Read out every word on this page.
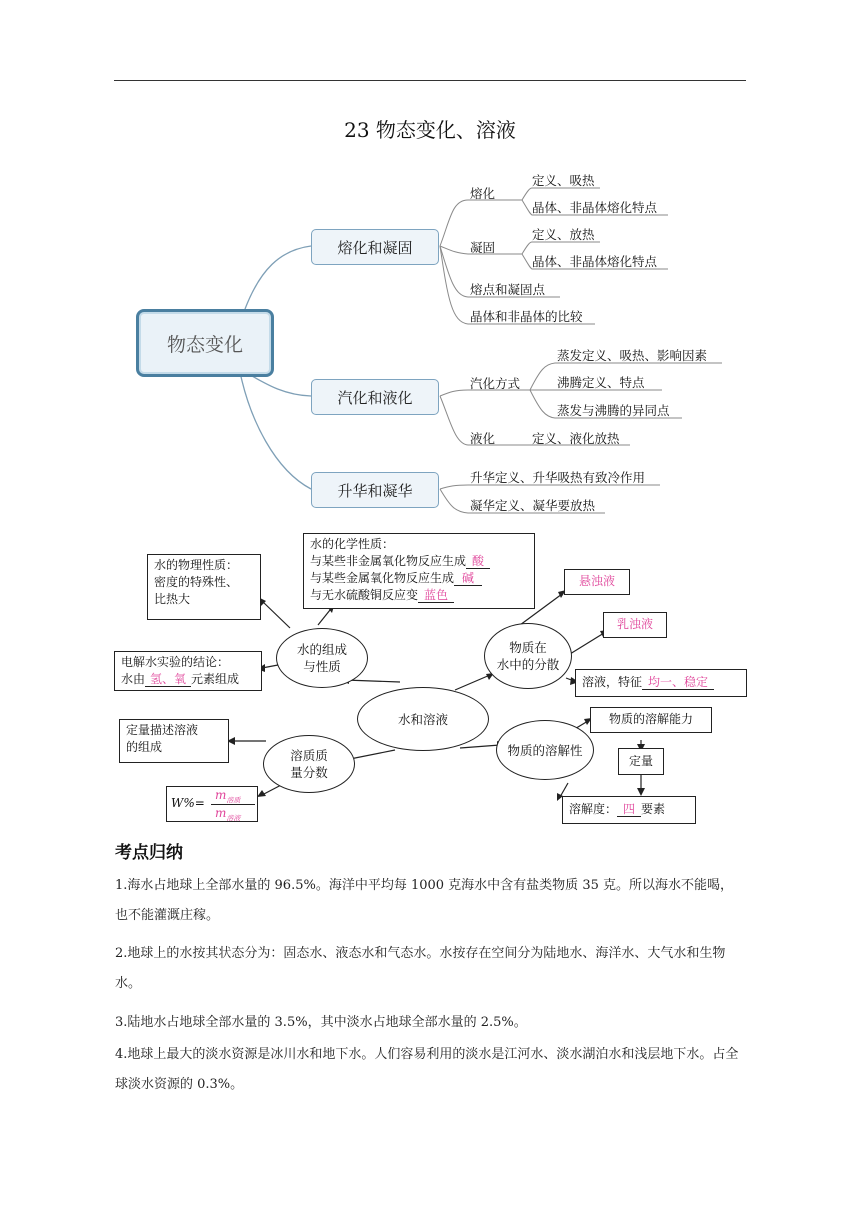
23 物态变化、溶液
物态变化
熔化和凝固
汽化和液化
升华和凝华
熔化
定义、吸热
晶体、非晶体熔化特点
凝固
定义、放热
晶体、非晶体熔化特点
熔点和凝固点
晶体和非晶体的比较
汽化方式
蒸发定义、吸热、影响因素
沸腾定义、特点
蒸发与沸腾的异同点
液化	定义、液化放热
升华定义、升华吸热有致冷作用
凝华定义、凝华要放热
水和溶液
水的组成
与性质
物质在
水中的分散
溶质质
量分数
物质的溶解性
水的物理性质：
密度的特殊性、
比热大
水的化学性质：
与某些非金属氧化物反应生成 酸
与某些金属氧化物反应生成 碱
与无水硫酸铜反应变 蓝色
电解水实验的结论：
水由 氢、氧 元素组成
定量描述溶液
的组成
W%=
$m_{溶质}$
$m_{溶液}$
悬浊液
乳浊液
溶液，特征 均一、稳定
物质的溶解能力
定量
溶解度： 四 要素
考点归纳
1.海水占地球上全部水量的 96.5%。海洋中平均每 1000 克海水中含有盐类物质 35 克。所以海水不能喝，也不能灌溉庄稼。
2.地球上的水按其状态分为：固态水、液态水和气态水。水按存在空间分为陆地水、海洋水、大气水和生物水。
3.陆地水占地球全部水量的 3.5%，其中淡水占地球全部水量的 2.5%。
4.地球上最大的淡水资源是冰川水和地下水。人们容易利用的淡水是江河水、淡水湖泊水和浅层地下水。占全球淡水资源的 0.3%。
